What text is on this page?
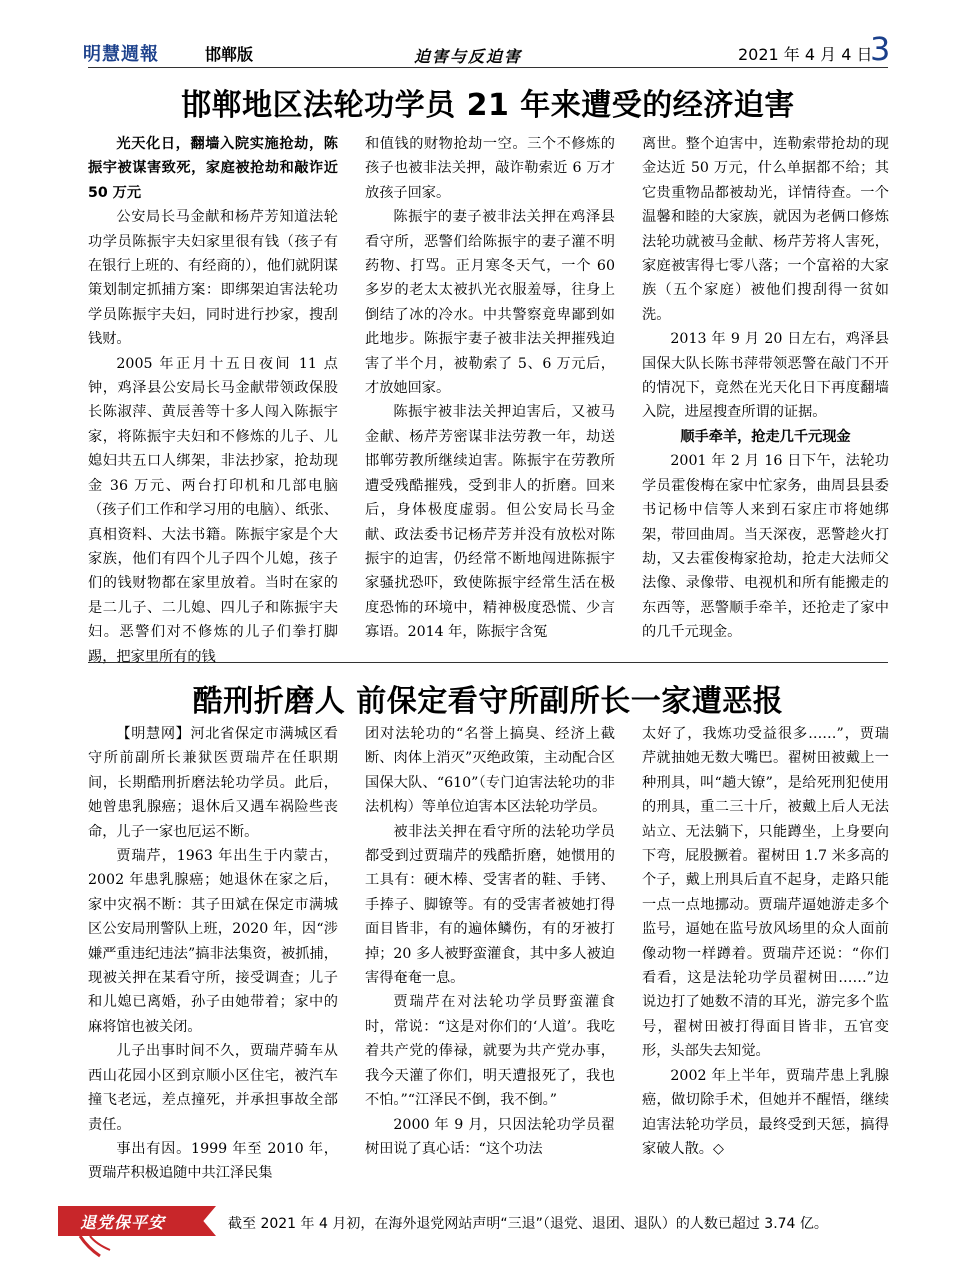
明慧週報	邯郸版	迫害与反迫害	2021 年 4 月 4 日
3
邯郸地区法轮功学员 21 年来遭受的经济迫害

光天化日，翻墙入院实施抢劫，陈振宇被谋害致死，家庭被抢劫和敲诈近 50 万元

公安局长马金献和杨芹芳知道法轮功学员陈振宇夫妇家里很有钱（孩子有在银行上班的、有经商的），他们就阴谋策划制定抓捕方案：即绑架迫害法轮功学员陈振宇夫妇，同时进行抄家，搜刮钱财。

2005 年正月十五日夜间 11 点钟，鸡泽县公安局长马金献带领政保股长陈淑萍、黄辰善等十多人闯入陈振宇家，将陈振宇夫妇和不修炼的儿子、儿媳妇共五口人绑架，非法抄家，抢劫现金 36 万元、两台打印机和几部电脑（孩子们工作和学习用的电脑）、纸张、真相资料、大法书籍。陈振宇家是个大家族，他们有四个儿子四个儿媳，孩子们的钱财物都在家里放着。当时在家的是二儿子、二儿媳、四儿子和陈振宇夫妇。恶警们对不修炼的儿子们拳打脚踢，把家里所有的钱

和值钱的财物抢劫一空。三个不修炼的孩子也被非法关押，敲诈勒索近 6 万才放孩子回家。

陈振宇的妻子被非法关押在鸡泽县看守所，恶警们给陈振宇的妻子灌不明药物、打骂。正月寒冬天气，一个 60 多岁的老太太被扒光衣服羞辱，往身上倒结了冰的冷水。中共警察竟卑鄙到如此地步。陈振宇妻子被非法关押摧残迫害了半个月，被勒索了 5、6 万元后，才放她回家。

陈振宇被非法关押迫害后，又被马金献、杨芹芳密谋非法劳教一年，劫送邯郸劳教所继续迫害。陈振宇在劳教所遭受残酷摧残，受到非人的折磨。回来后，身体极度虚弱。但公安局长马金献、政法委书记杨芹芳并没有放松对陈振宇的迫害，仍经常不断地闯进陈振宇家骚扰恐吓，致使陈振宇经常生活在极度恐怖的环境中，精神极度恐慌、少言寡语。2014 年，陈振宇含冤

离世。整个迫害中，连勒索带抢劫的现金达近 50 万元，什么单据都不给；其它贵重物品都被劫光，详情待查。一个温馨和睦的大家族，就因为老俩口修炼法轮功就被马金献、杨芹芳将人害死，家庭被害得七零八落；一个富裕的大家族（五个家庭）被他们搜刮得一贫如洗。

2013 年 9 月 20 日左右，鸡泽县国保大队长陈书萍带领恶警在敲门不开的情况下，竟然在光天化日下再度翻墙入院，进屋搜查所谓的证据。

顺手牵羊，抢走几千元现金

2001 年 2 月 16 日下午，法轮功学员霍俊梅在家中忙家务，曲周县县委书记杨中信等人来到石家庄市将她绑架，带回曲周。当天深夜，恶警趁火打劫，又去霍俊梅家抢劫，抢走大法师父法像、录像带、电视机和所有能搬走的东西等，恶警顺手牵羊，还抢走了家中的几千元现金。

酷刑折磨人 前保定看守所副所长一家遭恶报

【明慧网】河北省保定市满城区看守所前副所长兼狱医贾瑞芹在任职期间，长期酷刑折磨法轮功学员。此后，她曾患乳腺癌；退休后又遇车祸险些丧命，儿子一家也厄运不断。

贾瑞芹，1963 年出生于内蒙古，2002 年患乳腺癌；她退休在家之后，家中灾祸不断：其子田斌在保定市满城区公安局刑警队上班，2020 年，因“涉嫌严重违纪违法”搞非法集资，被抓捕，现被关押在某看守所，接受调查；儿子和儿媳已离婚，孙子由她带着；家中的麻将馆也被关闭。

儿子出事时间不久，贾瑞芹骑车从西山花园小区到京顺小区住宅，被汽车撞飞老远，差点撞死，并承担事故全部责任。

事出有因。1999 年至 2010 年，贾瑞芹积极追随中共江泽民集

团对法轮功的“名誉上搞臭、经济上截断、肉体上消灭”灭绝政策，主动配合区国保大队、“610”（专门迫害法轮功的非法机构）等单位迫害本区法轮功学员。

被非法关押在看守所的法轮功学员都受到过贾瑞芹的残酷折磨，她惯用的工具有：硬木棒、受害者的鞋、手铐、手捧子、脚镣等。有的受害者被她打得面目皆非，有的遍体鳞伤，有的牙被打掉；20 多人被野蛮灌食，其中多人被迫害得奄奄一息。

贾瑞芹在对法轮功学员野蛮灌食时，常说：“这是对你们的‘人道’。我吃着共产党的俸禄，就要为共产党办事，我今天灌了你们，明天遭报死了，我也不怕。”“江泽民不倒，我不倒。”

2000 年 9 月，只因法轮功学员翟树田说了真心话：“这个功法

太好了，我炼功受益很多……”，贾瑞芹就抽她无数大嘴巴。翟树田被戴上一种刑具，叫“趟大镣”，是给死刑犯使用的刑具，重二三十斤，被戴上后人无法站立、无法躺下，只能蹲坐，上身要向下弯，屁股撅着。翟树田 1.7 米多高的个子，戴上刑具后直不起身，走路只能一点一点地挪动。贾瑞芹逼她游走多个监号，逼她在监号放风场里的众人面前像动物一样蹲着。贾瑞芹还说：“你们看看，这是法轮功学员翟树田……”边说边打了她数不清的耳光，游完多个监号，翟树田被打得面目皆非，五官变形，头部失去知觉。

2002 年上半年，贾瑞芹患上乳腺癌，做切除手术，但她并不醒悟，继续迫害法轮功学员，最终受到天惩，搞得家破人散。◇

退党保平安	截至 2021 年 4 月初，在海外退党网站声明“三退”（退党、退团、退队）的人数已超过 3.74 亿。
